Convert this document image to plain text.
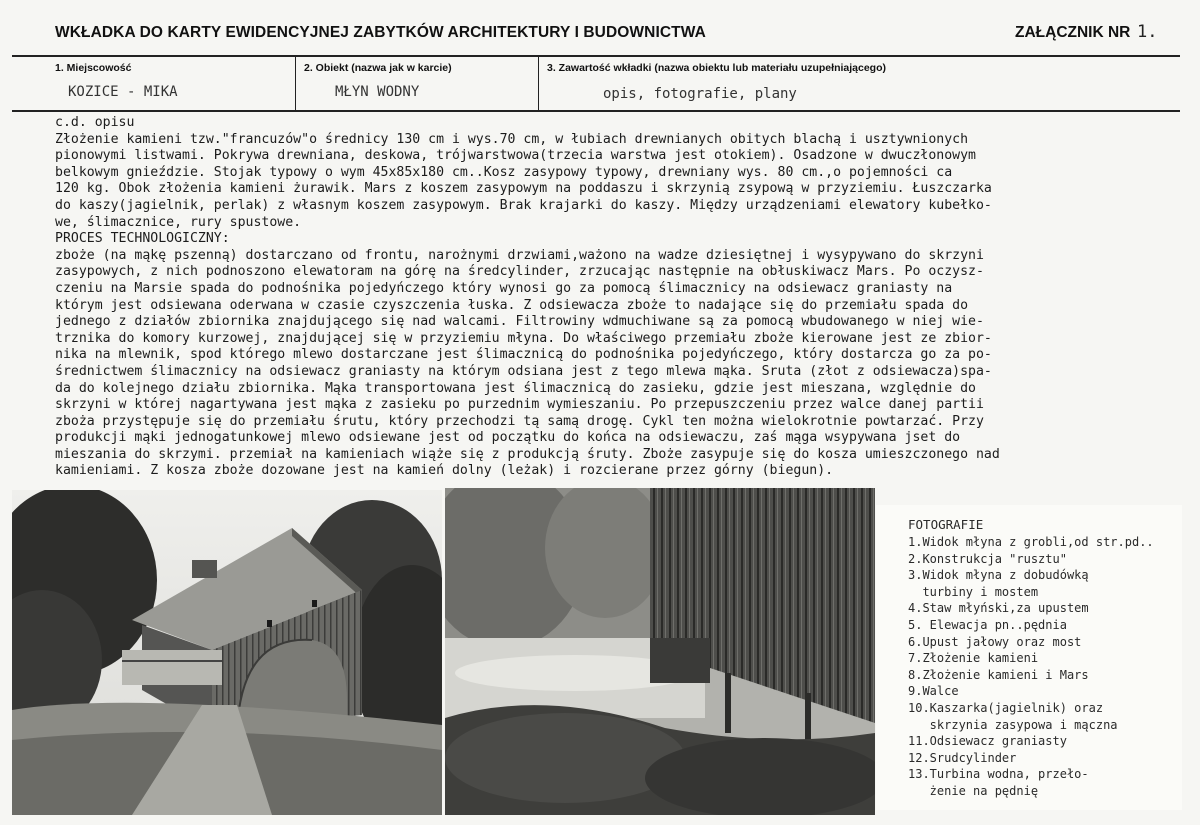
WKŁADKA DO KARTY EWIDENCYJNEJ ZABYTKÓW ARCHITEKTURY I BUDOWNICTWA	ZAŁĄCZNIK NR 1.
1. Miejscowość
KOZICE - MIKA
2. Obiekt (nazwa jak w karcie)
MŁYN WODNY
3. Zawartość wkładki (nazwa obiektu lub materiału uzupełniającego)
opis, fotografie, plany
c.d. opisu
Złożenie kamieni tzw."francuzów"o średnicy 130 cm i wys.70 cm, w łubiach drewnianych obitych blachą i usztywnionych
pionowymi listwami. Pokrywa drewniana, deskowa, trójwarstwowa(trzecia warstwa jest otokiem). Osadzone w dwuczłonowym
belkowym gnieździe. Stojak typowy o wym 45x85x180 cm..Kosz zasypowy typowy, drewniany wys. 80 cm.,o pojemności ca
120 kg. Obok złożenia kamieni żurawik. Mars z koszem zasypowym na poddaszu i skrzynią zsypową w przyziemiu. Łuszczarka
do kaszy(jagielnik, perlak) z własnym koszem zasypowym. Brak krajarki do kaszy. Między urządzeniami elewatory kubełko-
we, ślimacznice, rury spustowe.
PROCES TECHNOLOGICZNY:
zboże (na mąkę pszenną) dostarczano od frontu, narożnymi drzwiami,ważono na wadze dziesiętnej i wysypywano do skrzyni
zasypowych, z nich podnoszono elewatoram na górę na średcylinder, zrzucając następnie na obłuskiwacz Mars. Po oczysz-
czeniu na Marsie spada do podnośnika pojedyńczego który wynosi go za pomocą ślimacznicy na odsiewacz graniasty na
którym jest odsiewana oderwana w czasie czyszczenia łuska. Z odsiewacza zboże to nadające się do przemiału spada do
jednego z działów zbiornika znajdującego się nad walcami. Filtrowiny wdmuchiwane są za pomocą wbudowanego w niej wie-
trznika do komory kurzowej, znajdującej się w przyziemiu młyna. Do właściwego przemiału zboże kierowane jest ze zbior-
nika na mlewnik, spod którego mlewo dostarczane jest ślimacznicą do podnośnika pojedyńczego, który dostarcza go za po-
średnictwem ślimacznicy na odsiewacz graniasty na którym odsiana jest z tego mlewa mąka. Sruta (złot z odsiewacza)spa-
da do kolejnego działu zbiornika. Mąka transportowana jest ślimacznicą do zasieku, gdzie jest mieszana, względnie do
skrzyni w której nagartywana jest mąka z zasieku po purzednim wymieszaniu. Po przepuszczeniu przez walce danej partii
zboża przystępuje się do przemiału śrutu, który przechodzi tą samą drogę. Cykl ten można wielokrotnie powtarzać. Przy
produkcji mąki jednogatunkowej mlewo odsiewane jest od początku do końca na odsiewaczu, zaś mąga wsypywana jset do
mieszania do skrzymi. przemiał na kamieniach wiąże się z produkcją śruty. Zboże zasypuje się do kosza umieszczonego nad
kamieniami. Z kosza zboże dozowane jest na kamień dolny (leżak) i rozcierane przez górny (biegun).
FOTOGRAFIE
1.Widok młyna z grobli,od str.pd..
2.Konstrukcja "rusztu"
3.Widok młyna z dobudówką
turbiny i mostem
4.Staw młyński,za upustem
5. Elewacja pn..pędnia
6.Upust jałowy oraz most
7.Złożenie kamieni
8.Złożenie kamieni i Mars
9.Walce
10.Kaszarka(jagielnik) oraz
skrzynia zasypowa i mączna
11.Odsiewacz graniasty
12.Srudcylinder
13.Turbina wodna, przeło-
żenie na pędnię
